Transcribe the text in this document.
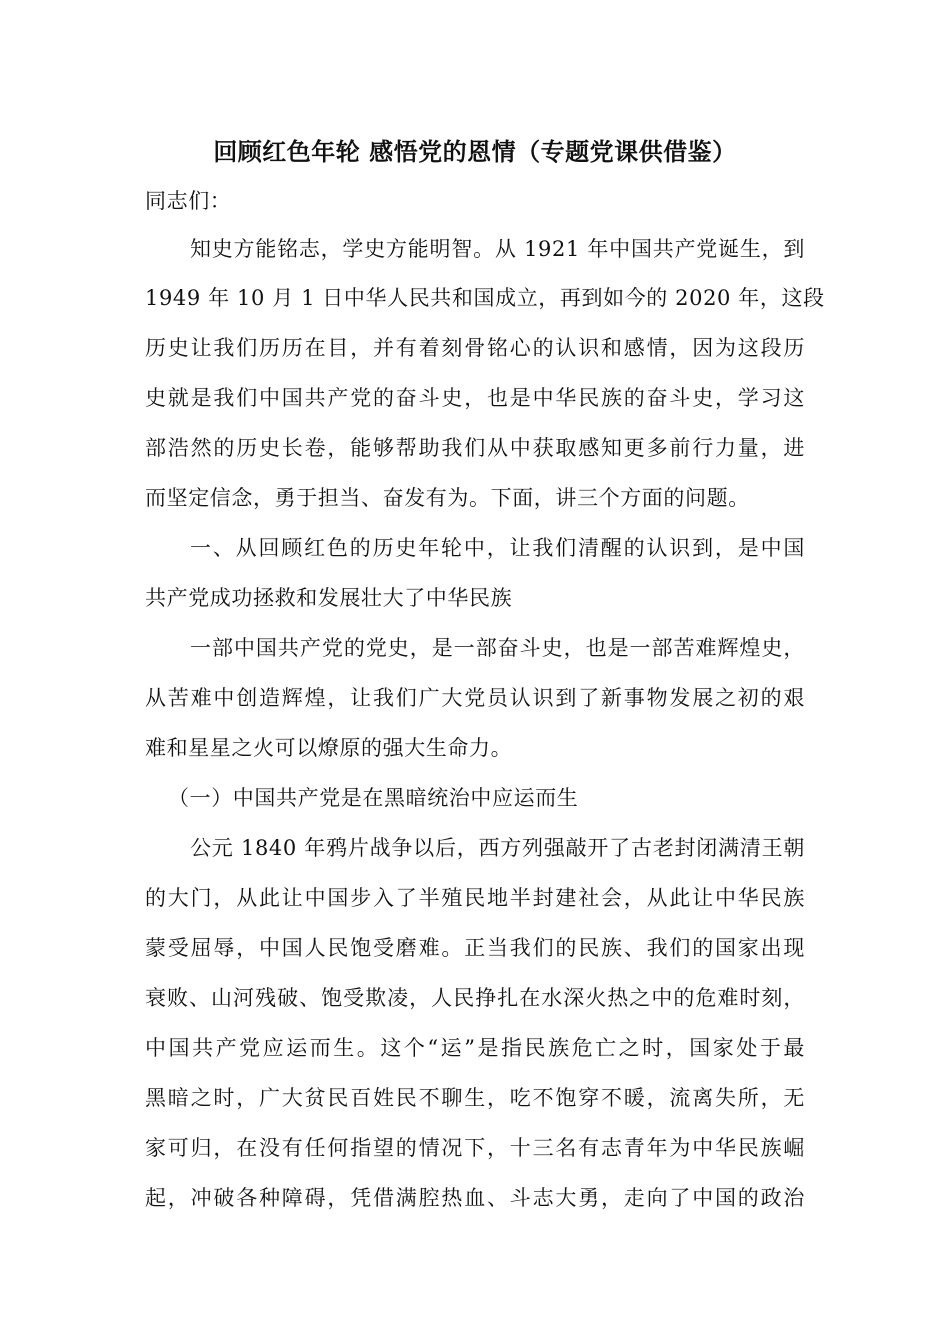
回顾红色年轮 感悟党的恩情（专题党课供借鉴）
同志们：
知史方能铭志，学史方能明智。从 1921 年中国共产党诞生，到
1949 年 10 月 1 日中华人民共和国成立，再到如今的 2020 年，这段
历史让我们历历在目，并有着刻骨铭心的认识和感情，因为这段历
史就是我们中国共产党的奋斗史，也是中华民族的奋斗史，学习这
部浩然的历史长卷，能够帮助我们从中获取感知更多前行力量，进
而坚定信念，勇于担当、奋发有为。下面，讲三个方面的问题。
一、从回顾红色的历史年轮中，让我们清醒的认识到，是中国
共产党成功拯救和发展壮大了中华民族
一部中国共产党的党史，是一部奋斗史，也是一部苦难辉煌史，
从苦难中创造辉煌，让我们广大党员认识到了新事物发展之初的艰
难和星星之火可以燎原的强大生命力。
（一）中国共产党是在黑暗统治中应运而生
公元 1840 年鸦片战争以后，西方列强敲开了古老封闭满清王朝
的大门，从此让中国步入了半殖民地半封建社会，从此让中华民族
蒙受屈辱，中国人民饱受磨难。正当我们的民族、我们的国家出现
衰败、山河残破、饱受欺凌，人民挣扎在水深火热之中的危难时刻，
中国共产党应运而生。这个“运”是指民族危亡之时，国家处于最
黑暗之时，广大贫民百姓民不聊生，吃不饱穿不暖，流离失所，无
家可归，在没有任何指望的情况下，十三名有志青年为中华民族崛
起，冲破各种障碍，凭借满腔热血、斗志大勇，走向了中国的政治
